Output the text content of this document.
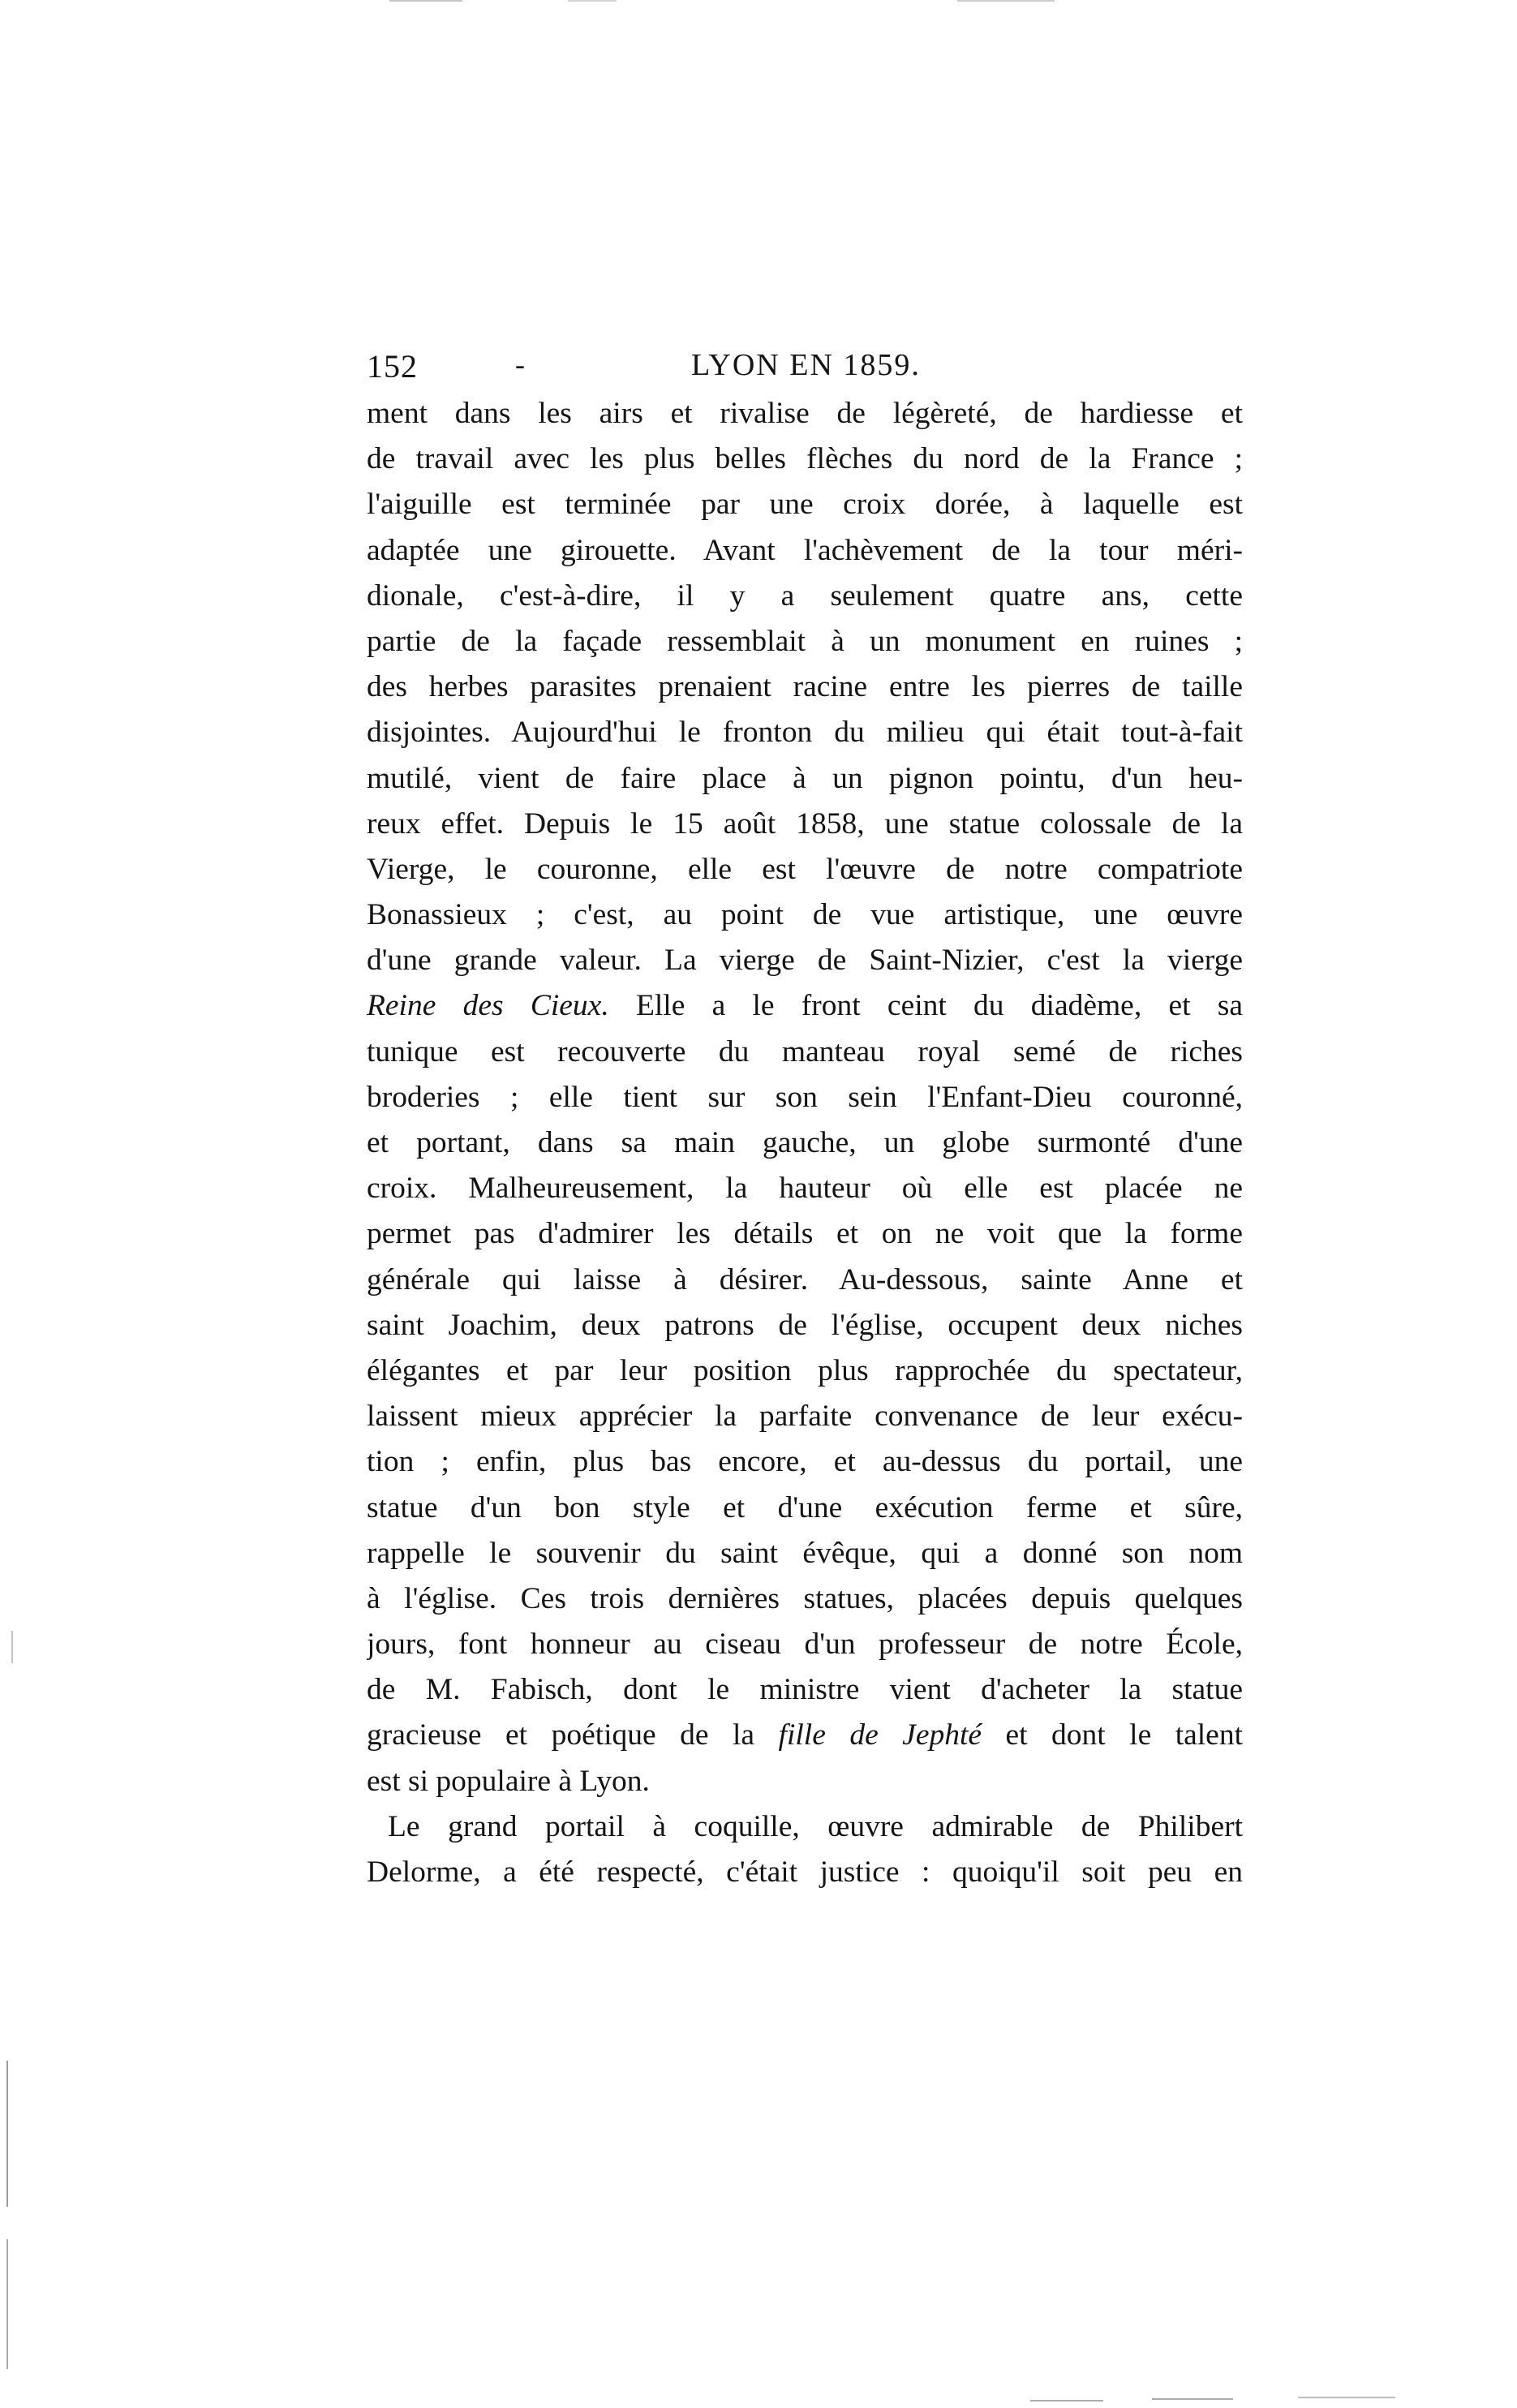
152	-	LYON EN 1859.
ment dans les airs et rivalise de légèreté, de hardiesse et
de travail avec les plus belles flèches du nord de la France ;
l'aiguille est terminée par une croix dorée, à laquelle est
adaptée une girouette. Avant l'achèvement de la tour méri-
dionale, c'est-à-dire, il y a seulement quatre ans, cette
partie de la façade ressemblait à un monument en ruines ;
des herbes parasites prenaient racine entre les pierres de taille
disjointes. Aujourd'hui le fronton du milieu qui était tout-à-fait
mutilé, vient de faire place à un pignon pointu, d'un heu-
reux effet. Depuis le 15 août 1858, une statue colossale de la
Vierge, le couronne, elle est l'œuvre de notre compatriote
Bonassieux ; c'est, au point de vue artistique, une œuvre
d'une grande valeur. La vierge de Saint-Nizier, c'est la vierge
Reine des Cieux. Elle a le front ceint du diadème, et sa
tunique est recouverte du manteau royal semé de riches
broderies ; elle tient sur son sein l'Enfant-Dieu couronné,
et portant, dans sa main gauche, un globe surmonté d'une
croix. Malheureusement, la hauteur où elle est placée ne
permet pas d'admirer les détails et on ne voit que la forme
générale qui laisse à désirer. Au-dessous, sainte Anne et
saint Joachim, deux patrons de l'église, occupent deux niches
élégantes et par leur position plus rapprochée du spectateur,
laissent mieux apprécier la parfaite convenance de leur exécu-
tion ; enfin, plus bas encore, et au-dessus du portail, une
statue d'un bon style et d'une exécution ferme et sûre,
rappelle le souvenir du saint évêque, qui a donné son nom
à l'église. Ces trois dernières statues, placées depuis quelques
jours, font honneur au ciseau d'un professeur de notre École,
de M. Fabisch, dont le ministre vient d'acheter la statue
gracieuse et poétique de la fille de Jephté et dont le talent
est si populaire à Lyon.
Le grand portail à coquille, œuvre admirable de Philibert
Delorme, a été respecté, c'était justice : quoiqu'il soit peu en
